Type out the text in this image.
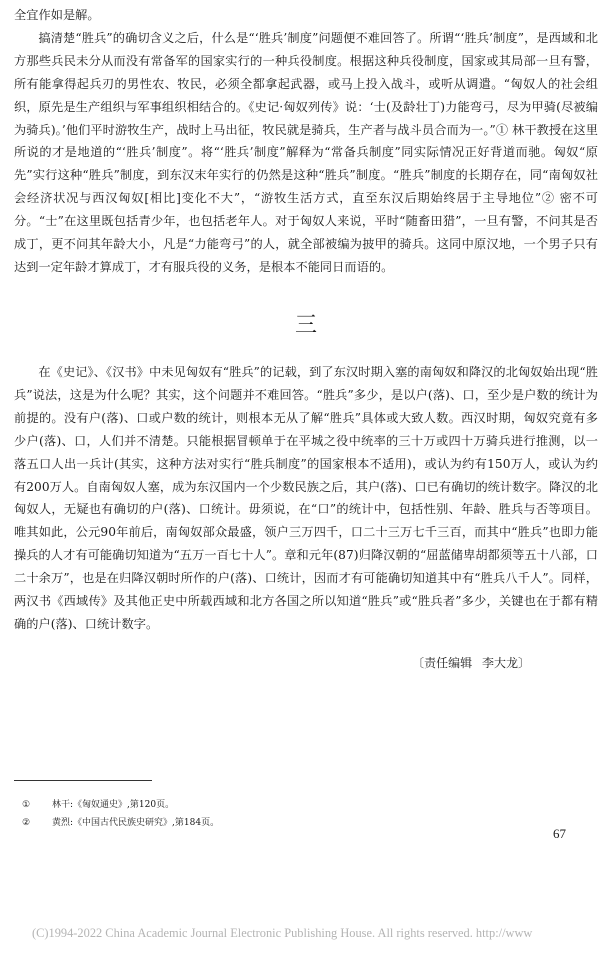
全宜作如是解。

搞清楚“胜兵”的确切含义之后，什么是“‘胜兵’制度”问题便不难回答了。所谓“‘胜兵’制度”，是西域和北方那些兵民未分从而没有常备军的国家实行的一种兵役制度。根据这种兵役制度，国家或其局部一旦有警，所有能拿得起兵刃的男性农、牧民，必须全都拿起武器，或马上投入战斗，或听从调遣。“匈奴人的社会组织，原先是生产组织与军事组织相结合的。《史记·匈奴列传》说：‘士(及龄壮丁)力能弯弓，尽为甲骑(尽被编为骑兵)。’他们平时游牧生产，战时上马出征，牧民就是骑兵，生产者与战斗员合而为一。”① 林干教授在这里所说的才是地道的“‘胜兵’制度”。将“‘胜兵’制度”解释为“常备兵制度”同实际情况正好背道而驰。匈奴“原先”实行这种“胜兵”制度，到东汉末年实行的仍然是这种“胜兵”制度。“胜兵”制度的长期存在，同“南匈奴社会经济状况与西汉匈奴[相比]变化不大”，“游牧生活方式，直至东汉后期始终居于主导地位”② 密不可分。“士”在这里既包括青少年，也包括老年人。对于匈奴人来说，平时“随畜田猎”，一旦有警，不问其是否成丁，更不问其年龄大小，凡是“力能弯弓”的人，就全部被编为披甲的骑兵。这同中原汉地，一个男子只有达到一定年龄才算成丁，才有服兵役的义务，是根本不能同日而语的。

三

在《史记》、《汉书》中未见匈奴有“胜兵”的记载，到了东汉时期入塞的南匈奴和降汉的北匈奴始出现“胜兵”说法，这是为什么呢？其实，这个问题并不难回答。“胜兵”多少，是以户(落)、口，至少是户数的统计为前提的。没有户(落)、口或户数的统计，则根本无从了解“胜兵”具体或大致人数。西汉时期，匈奴究竟有多少户(落)、口，人们并不清楚。只能根据冒顿单于在平城之役中统率的三十万或四十万骑兵进行推测，以一落五口人出一兵计(其实，这种方法对实行“胜兵制度”的国家根本不适用)，或认为约有150万人，或认为约有200万人。自南匈奴人塞，成为东汉国内一个少数民族之后，其户(落)、口已有确切的统计数字。降汉的北匈奴人，无疑也有确切的户(落)、口统计。毋须说，在“口”的统计中，包括性别、年龄、胜兵与否等项目。唯其如此，公元90年前后，南匈奴部众最盛，领户三万四千，口二十三万七千三百，而其中“胜兵”也即力能操兵的人才有可能确切知道为“五万一百七十人”。章和元年(87)归降汉朝的“屈蓝储卑胡都须等五十八部，口二十余万”，也是在归降汉朝时所作的户(落)、口统计，因而才有可能确切知道其中有“胜兵八千人”。同样，两汉书《西域传》及其他正史中所载西域和北方各国之所以知道“胜兵”或“胜兵者”多少，关键也在于都有精确的户(落)、口统计数字。

〔责任编辑 李大龙〕
① 林干:《匈奴通史》,第120页。
② 黄烈:《中国古代民族史研究》,第184页。
67
(C)1994-2022 China Academic Journal Electronic Publishing House. All rights reserved. http://www
